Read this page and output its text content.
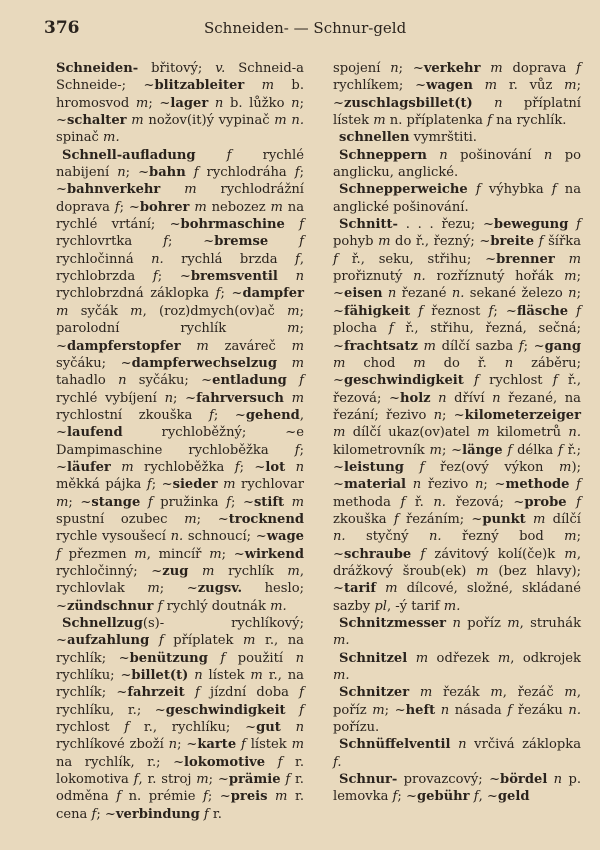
376	Schneiden- — Schnur-geld

Schneiden- břitový; v. Schneid-a Schneide-; ~blitzableiter m b. hromosvod m; ~lager n b. lůžko n; ~schalter m nožov(it)ý vypinač m n. spinač m.

Schnell-aufladung f rychlé nabijení n; ~bahn f rychlodráha f; ~bahnverkehr m rychlodrážní doprava f; ~bohrer m nebozez m na rychlé vrtání; ~bohrmaschine f rychlovrtka f; ~bremse f rychločinná n. rychlá brzda f, rychlobrzda f; ~bremsventil n rychlobrzdná záklopka f; ~dampfer m syčák m, (roz)dmych(ov)ač m; parolodní rychlík m; ~dampferstopfer m zaváreč m syčáku; ~dampferwechselzug m tahadlo n syčáku; ~entladung f rychlé vybíjení n; ~fahrversuch m rychlostní zkouška f; ~gehend, ~laufend rychloběžný; ~e Dampimaschine rychloběžka f; ~läufer m rychloběžka f; ~lot n měkká pájka f; ~sieder m rychlovar m; ~stange f pružinka f; ~stift m spustní ozubec m; ~trocknend rychle vysoušecí n. schnoucí; ~wage f přezmen m, mincíř m; ~wirkend rychločinný; ~zug m rychlík m, rychlovlak m; ~zugsv. heslo; ~zündschnur f rychlý doutnák m.

Schnellzug(s)- rychlíkový; ~aufzahlung f příplatek m r., na rychlík; ~benützung f použití n rychlíku; ~billet(t) n lístek m r., na rychlík; ~fahrzeit f jízdní doba f rychlíku, r.; ~geschwindigkeit f rychlost f r., rychlíku; ~gut n rychlíkové zboží n; ~karte f lístek m na rychlík, r.; ~lokomotive f r. lokomotiva f, r. stroj m; ~prämie f r. odměna f n. prémie f; ~preis m r. cena f; ~verbindung f r.

spojení n; ~verkehr m doprava f rychlíkem; ~wagen m r. vůz m; ~zuschlagsbillet(t) n příplatní lístek m n. příplatenka f na rychlík.

schnellen vymrštiti.

Schneppern n pošinování n po anglicku, anglické.

Schnepperweiche f výhybka f na anglické pošinování.

Schnitt- . . . řezu; ~bewegung f pohyb m do ř., řezný; ~breite f šířka f ř., seku, střihu; ~brenner m prořiznutý n. rozříznutý hořák m; ~eisen n řezané n. sekané železo n; ~fähigkeit f řeznost f; ~fläsche f plocha f ř., střihu, řezná, sečná; ~frachtsatz m dílčí sazba f; ~gang m chod m do ř. n záběru; ~geschwindigkeit f rychlost f ř., řezová; ~holz n dříví n řezané, na řezání; řezivo n; ~kilometerzeiger m dílčí ukaz(ov)atel m kilometrů n. kilometrovník m; ~länge f délka f ř.; ~leistung f řez(ový výkon m); ~material n řezivo n; ~methode f methoda f ř. n. řezová; ~probe f zkouška f řezáním; ~punkt m dílčí n. styčný n. řezný bod m; ~schraube f závitový kolí(če)k m, drážkový šroub(ek) m (bez hlavy); ~tarif m dílcové, složné, skládané sazby pl, -ý tarif m.

Schnitzmesser n poříz m, struhák m.

Schnitzel m odřezek m, odkrojek m.

Schnitzer m řezák m, řezáč m, poříz m; ~heft n násada f řezáku n. pořízu.

Schnüffelventil n vrčivá záklopka f.

Schnur- provazcový; ~bördel n p. lemovka f; ~gebühr f, ~geld
